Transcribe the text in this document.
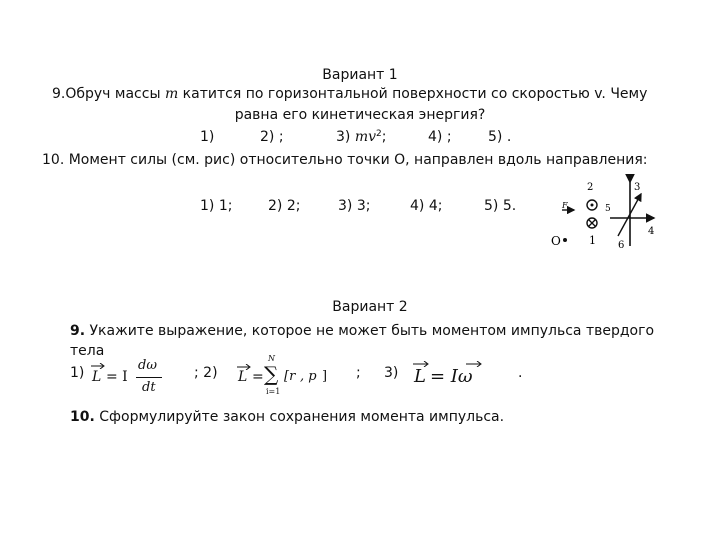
Вариант 1
9.Обруч массы m катится по горизонтальной поверхности со скоростью v. Чему
равна его кинетическая энергия?
1)	2) ;	3) $mv^2$;	4) ;	5) .
10. Момент силы (см. рис) относительно точки О, направлен вдоль направления:
1) 1;	2) 2;	3) 3;	4) 4;	5) 5.
О
F
2	3
5
4
1 6
Вариант 2
9. Укажите выражение, которое не может быть моментом импульса твердого
тела
1) L = I
dω
dt
; 2) L =
N
∑
i=1
[r , p ] ; 3) L = Iω	.
10. Сформулируйте закон сохранения момента импульса.
